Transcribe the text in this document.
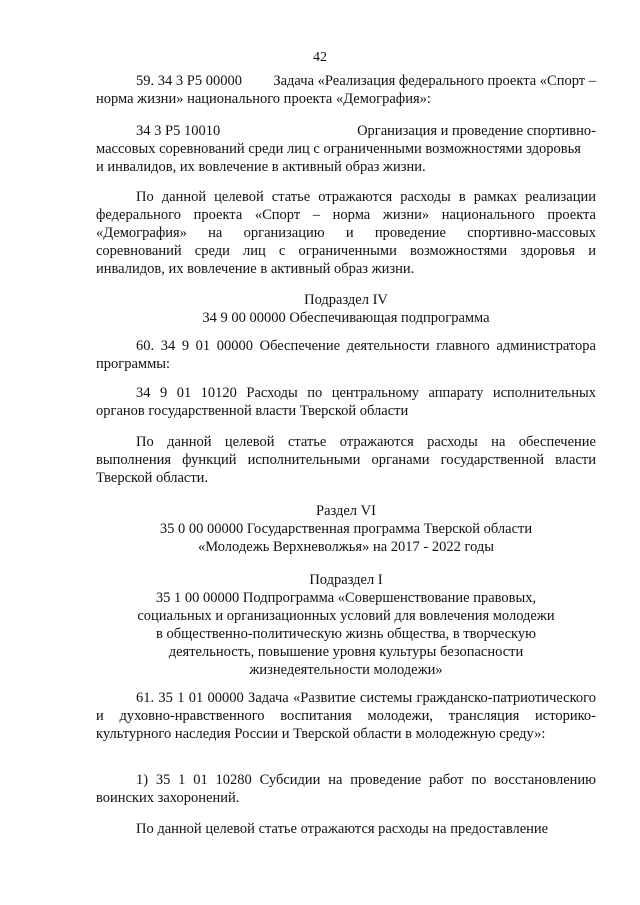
42
59. 34 3 P5 00000 Задача «Реализация федерального проекта «Спорт –
норма жизни» национального проекта «Демография»:
34 3 P5 10010	Организация и проведение спортивно-
массовых соревнований среди лиц с ограниченными возможностями здоровья
и инвалидов, их вовлечение в активный образ жизни.
По данной целевой статье отражаются расходы в рамках реализации федерального проекта «Спорт – норма жизни» национального проекта «Демография» на организацию и проведение спортивно-массовых соревнований среди лиц с ограниченными возможностями здоровья и инвалидов, их вовлечение в активный образ жизни.
Подраздел IV
34 9 00 00000 Обеспечивающая подпрограмма
60. 34 9 01 00000 Обеспечение деятельности главного администратора программы:
34 9 01 10120 Расходы по центральному аппарату исполнительных органов государственной власти Тверской области
По данной целевой статье отражаются расходы на обеспечение выполнения функций исполнительными органами государственной власти Тверской области.
Раздел VI
35 0 00 00000 Государственная программа Тверской области
«Молодежь Верхневолжья» на 2017 - 2022 годы
Подраздел I
35 1 00 00000 Подпрограмма «Совершенствование правовых,
социальных и организационных условий для вовлечения молодежи
в общественно-политическую жизнь общества, в творческую
деятельность, повышение уровня культуры безопасности
жизнедеятельности молодежи»
61. 35 1 01 00000 Задача «Развитие системы гражданско-патриотического и духовно-нравственного воспитания молодежи, трансляция историко-культурного наследия России и Тверской области в молодежную среду»:
1) 35 1 01 10280 Субсидии на проведение работ по восстановлению воинских захоронений.
По данной целевой статье отражаются расходы на предоставление
